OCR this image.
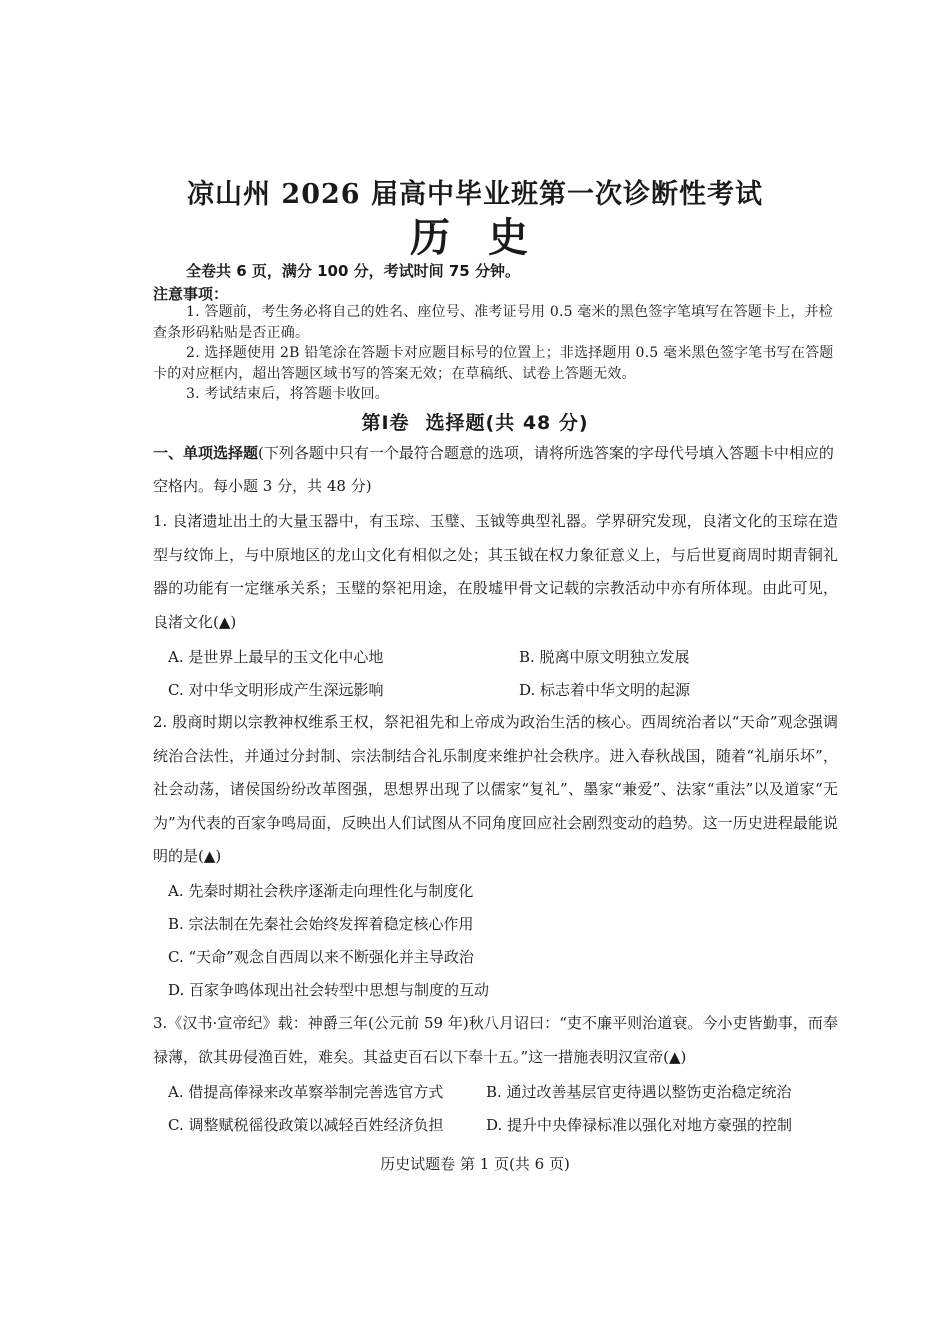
凉山州 2026 届高中毕业班第一次诊断性考试
历 史
全卷共 6 页，满分 100 分，考试时间 75 分钟。
注意事项：
1. 答题前，考生务必将自己的姓名、座位号、准考证号用 0.5 毫米的黑色签字笔填写在答题卡上，并检查条形码粘贴是否正确。
2. 选择题使用 2B 铅笔涂在答题卡对应题目标号的位置上；非选择题用 0.5 毫米黑色签字笔书写在答题卡的对应框内，超出答题区域书写的答案无效；在草稿纸、试卷上答题无效。
3. 考试结束后，将答题卡收回。
第Ⅰ卷 选择题(共 48 分)
一、单项选择题(下列各题中只有一个最符合题意的选项，请将所选答案的字母代号填入答题卡中相应的空格内。每小题 3 分，共 48 分)
1. 良渚遗址出土的大量玉器中，有玉琮、玉璧、玉钺等典型礼器。学界研究发现，良渚文化的玉琮在造型与纹饰上，与中原地区的龙山文化有相似之处；其玉钺在权力象征意义上，与后世夏商周时期青铜礼器的功能有一定继承关系；玉璧的祭祀用途，在殷墟甲骨文记载的宗教活动中亦有所体现。由此可见，良渚文化(▲)
A. 是世界上最早的玉文化中心地	B. 脱离中原文明独立发展
C. 对中华文明形成产生深远影响	D. 标志着中华文明的起源
2. 殷商时期以宗教神权维系王权，祭祀祖先和上帝成为政治生活的核心。西周统治者以“天命”观念强调统治合法性，并通过分封制、宗法制结合礼乐制度来维护社会秩序。进入春秋战国，随着“礼崩乐坏”，社会动荡，诸侯国纷纷改革图强，思想界出现了以儒家“复礼”、墨家“兼爱”、法家“重法”以及道家“无为”为代表的百家争鸣局面，反映出人们试图从不同角度回应社会剧烈变动的趋势。这一历史进程最能说明的是(▲)
A. 先秦时期社会秩序逐渐走向理性化与制度化
B. 宗法制在先秦社会始终发挥着稳定核心作用
C. “天命”观念自西周以来不断强化并主导政治
D. 百家争鸣体现出社会转型中思想与制度的互动
3.《汉书·宣帝纪》载：神爵三年(公元前 59 年)秋八月诏曰：“吏不廉平则治道衰。今小吏皆勤事，而奉禄薄，欲其毋侵渔百姓，难矣。其益吏百石以下奉十五。”这一措施表明汉宣帝(▲)
A. 借提高俸禄来改革察举制完善选官方式	B. 通过改善基层官吏待遇以整饬吏治稳定统治
C. 调整赋税徭役政策以减轻百姓经济负担	D. 提升中央俸禄标准以强化对地方豪强的控制
历史试题卷 第 1 页(共 6 页)
